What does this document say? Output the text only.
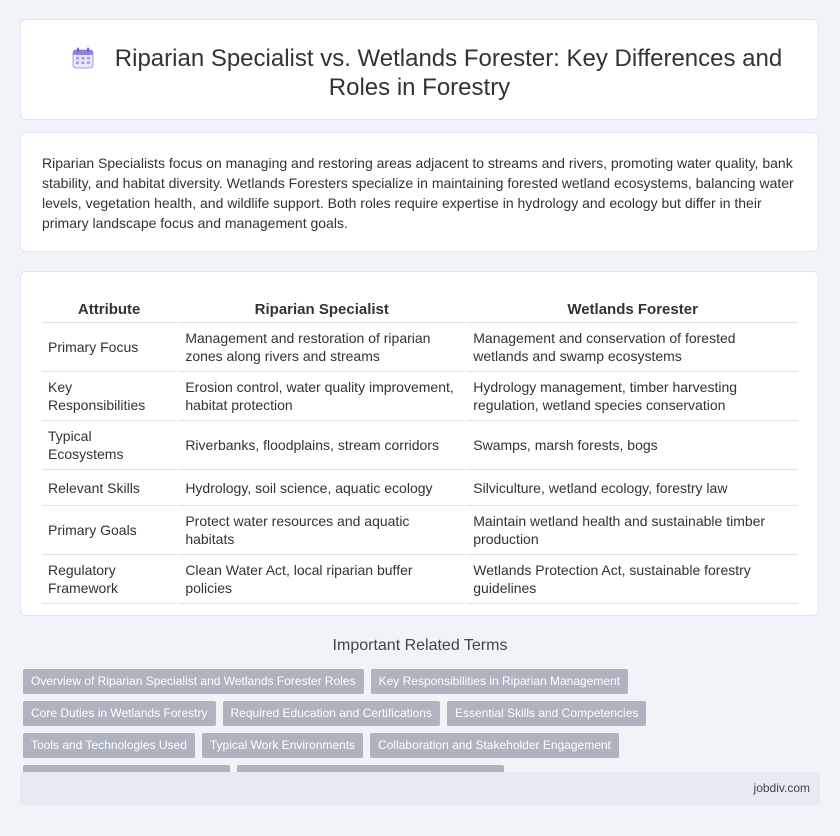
Riparian Specialist vs. Wetlands Forester: Key Differences and
Roles in Forestry

Riparian Specialists focus on managing and restoring areas adjacent to streams and rivers, promoting water quality, bank stability, and habitat diversity. Wetlands Foresters specialize in maintaining forested wetland ecosystems, balancing water levels, vegetation health, and wildlife support. Both roles require expertise in hydrology and ecology but differ in their primary landscape focus and management goals.

Attribute	Riparian Specialist	Wetlands Forester
Primary Focus	Management and restoration of riparian zones along rivers and streams	Management and conservation of forested wetlands and swamp ecosystems
Key Responsibilities	Erosion control, water quality improvement, habitat protection	Hydrology management, timber harvesting regulation, wetland species conservation
Typical Ecosystems	Riverbanks, floodplains, stream corridors	Swamps, marsh forests, bogs
Relevant Skills	Hydrology, soil science, aquatic ecology	Silviculture, wetland ecology, forestry law
Primary Goals	Protect water resources and aquatic habitats	Maintain wetland health and sustainable timber production
Regulatory Framework	Clean Water Act, local riparian buffer policies	Wetlands Protection Act, sustainable forestry guidelines
Important Related Terms
Overview of Riparian Specialist and Wetlands Forester Roles	Key Responsibilities in Riparian Management
Core Duties in Wetlands Forestry	Required Education and Certifications	Essential Skills and Competencies
Tools and Technologies Used	Typical Work Environments	Collaboration and Stakeholder Engagement
jobdiv.com
